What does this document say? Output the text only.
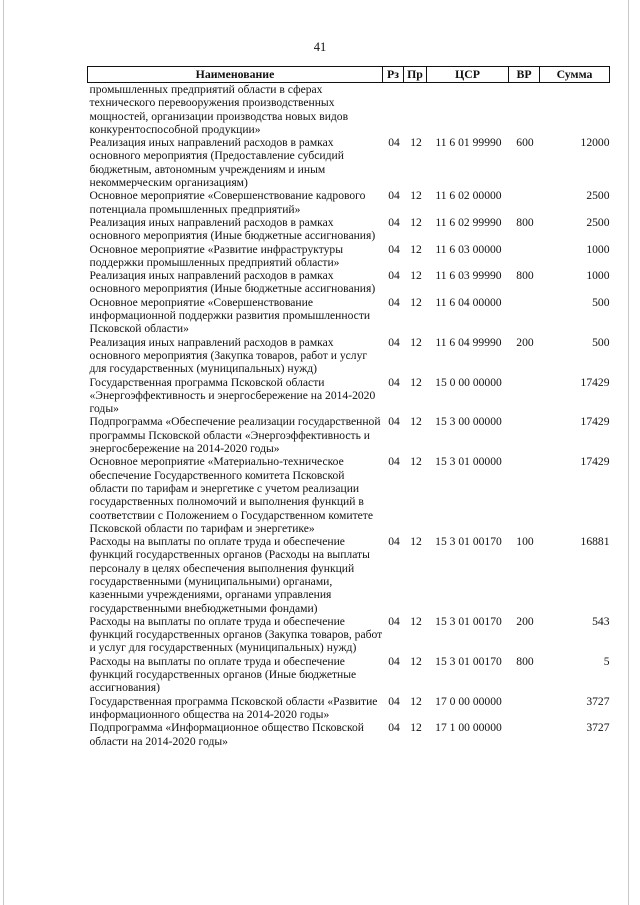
41
Наименование	Рз	Пр	ЦСР	ВР	Сумма
промышленных предприятий области в сферах технического перевооружения производственных мощностей, организации производства новых видов конкурентоспособной продукции»					
Реализация иных направлений расходов в рамках основного мероприятия (Предоставление субсидий бюджетным, автономным учреждениям и иным некоммерческим организациям)	04	12	11 6 01 99990	600	12000
Основное мероприятие «Совершенствование кадрового потенциала промышленных предприятий»	04	12	11 6 02 00000		2500
Реализация иных направлений расходов в рамках основного мероприятия (Иные бюджетные ассигнования)	04	12	11 6 02 99990	800	2500
Основное мероприятие «Развитие инфраструктуры поддержки промышленных предприятий области»	04	12	11 6 03 00000		1000
Реализация иных направлений расходов в рамках основного мероприятия (Иные бюджетные ассигнования)	04	12	11 6 03 99990	800	1000
Основное мероприятие «Совершенствование информационной поддержки развития промышленности Псковской области»	04	12	11 6 04 00000		500
Реализация иных направлений расходов в рамках основного мероприятия (Закупка товаров, работ и услуг для государственных (муниципальных) нужд)	04	12	11 6 04 99990	200	500
Государственная программа Псковской области «Энергоэффективность и энергосбережение на 2014-2020 годы»	04	12	15 0 00 00000		17429
Подпрограмма «Обеспечение реализации государственной программы Псковской области «Энергоэффективность и энергосбережение на 2014-2020 годы»	04	12	15 3 00 00000		17429
Основное мероприятие «Материально-техническое обеспечение Государственного комитета Псковской области по тарифам и энергетике с учетом реализации государственных полномочий и выполнения функций в соответствии с Положением о Государственном комитете Псковской области по тарифам и энергетике»	04	12	15 3 01 00000		17429
Расходы на выплаты по оплате труда и обеспечение функций государственных органов (Расходы на выплаты персоналу в целях обеспечения выполнения функций государственными (муниципальными) органами, казенными учреждениями, органами управления государственными внебюджетными фондами)	04	12	15 3 01 00170	100	16881
Расходы на выплаты по оплате труда и обеспечение функций государственных органов (Закупка товаров, работ и услуг для государственных (муниципальных) нужд)	04	12	15 3 01 00170	200	543
Расходы на выплаты по оплате труда и обеспечение функций государственных органов (Иные бюджетные ассигнования)	04	12	15 3 01 00170	800	5
Государственная программа Псковской области «Развитие информационного общества на 2014-2020 годы»	04	12	17 0 00 00000		3727
Подпрограмма «Информационное общество Псковской области на 2014-2020 годы»	04	12	17 1 00 00000		3727
